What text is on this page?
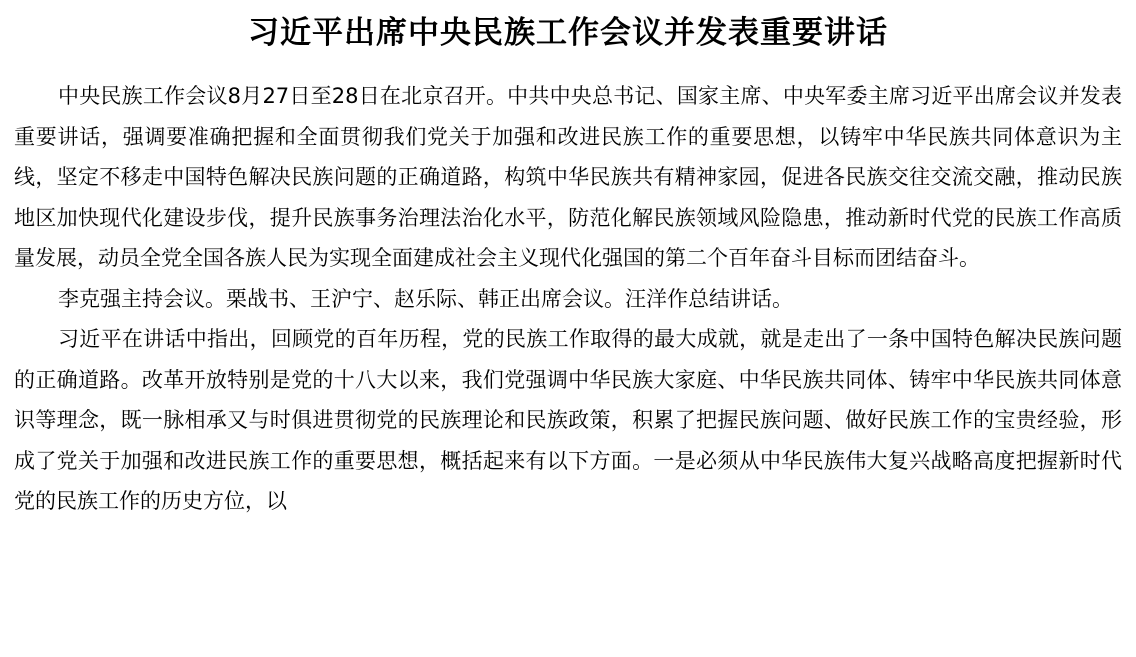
习近平出席中央民族工作会议并发表重要讲话

中央民族工作会议8月27日至28日在北京召开。中共中央总书记、国家主席、中央军委主席习近平出席会议并发表重要讲话，强调要准确把握和全面贯彻我们党关于加强和改进民族工作的重要思想，以铸牢中华民族共同体意识为主线，坚定不移走中国特色解决民族问题的正确道路，构筑中华民族共有精神家园，促进各民族交往交流交融，推动民族地区加快现代化建设步伐，提升民族事务治理法治化水平，防范化解民族领域风险隐患，推动新时代党的民族工作高质量发展，动员全党全国各族人民为实现全面建成社会主义现代化强国的第二个百年奋斗目标而团结奋斗。

李克强主持会议。栗战书、王沪宁、赵乐际、韩正出席会议。汪洋作总结讲话。

习近平在讲话中指出，回顾党的百年历程，党的民族工作取得的最大成就，就是走出了一条中国特色解决民族问题的正确道路。改革开放特别是党的十八大以来，我们党强调中华民族大家庭、中华民族共同体、铸牢中华民族共同体意识等理念，既一脉相承又与时俱进贯彻党的民族理论和民族政策，积累了把握民族问题、做好民族工作的宝贵经验，形成了党关于加强和改进民族工作的重要思想，概括起来有以下方面。一是必须从中华民族伟大复兴战略高度把握新时代党的民族工作的历史方位，以
